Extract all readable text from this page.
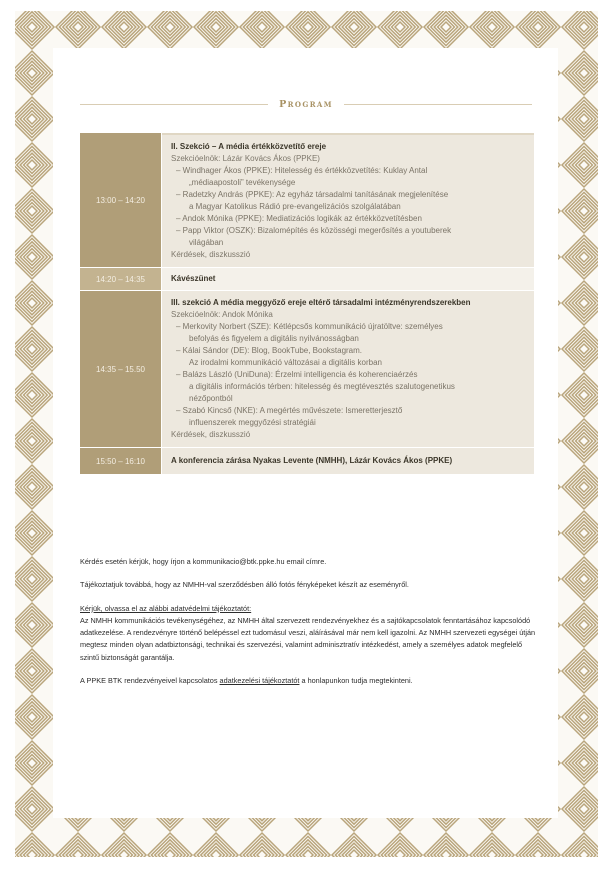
Program
13:00 – 14:20
II. Szekció – A média értékközvetítő ereje
Szekcióelnök: Lázár Kovács Ákos (PPKE)
– Windhager Ákos (PPKE): Hitelesség és értékközvetítés: Kuklay Antal
„médiaapostoli” tevékenysége
– Radetzky András (PPKE): Az egyház társadalmi tanításának megjelenítése
a Magyar Katolikus Rádió pre-evangelizációs szolgálatában
– Andok Mónika (PPKE): Mediatizációs logikák az értékközvetítésben
– Papp Viktor (OSZK): Bizalomépítés és közösségi megerősítés a youtuberek
világában
Kérdések, diszkusszió
14:20 – 14:35	Kávészünet
14:35 – 15.50
III. szekció A média meggyőző ereje eltérő társadalmi intézményrendszerekben
Szekcióelnök: Andok Mónika
– Merkovity Norbert (SZE): Kétlépcsős kommunikáció újratöltve: személyes
befolyás és figyelem a digitális nyilvánosságban
– Kálai Sándor (DE): Blog, BookTube, Bookstagram.
Az irodalmi kommunikáció változásai a digitális korban
– Balázs László (UniDuna): Érzelmi intelligencia és koherenciaérzés
a digitális információs térben: hitelesség és megtévesztés szalutogenetikus
nézőpontból
– Szabó Kincső (NKE): A megértés művészete: Ismeretterjesztő
influenszerek meggyőzési stratégiái
Kérdések, diszkusszió
15:50 – 16:10	A konferencia zárása Nyakas Levente (NMHH), Lázár Kovács Ákos (PPKE)

Kérdés esetén kérjük, hogy írjon a kommunikacio@btk.ppke.hu email címre.

Tájékoztatjuk továbbá, hogy az NMHH-val szerződésben álló fotós fényképeket készít az eseményről.

Kérjük, olvassa el az alábbi adatvédelmi tájékoztatót:
Az NMHH kommunikációs tevékenységéhez, az NMHH által szervezett rendezvényekhez és a sajtókapcsolatok fenntartásához kapcsolódó adatkezelése. A rendezvényre történő belépéssel ezt tudomásul veszi, aláírásával már nem kell igazolni. Az NMHH szervezeti egységei útján megtesz minden olyan adatbiztonsági, technikai és szervezési, valamint adminisztratív intézkedést, amely a személyes adatok megfelelő szintű biztonságát garantálja.

A PPKE BTK rendezvényeivel kapcsolatos adatkezelési tájékoztatót a honlapunkon tudja megtekinteni.
